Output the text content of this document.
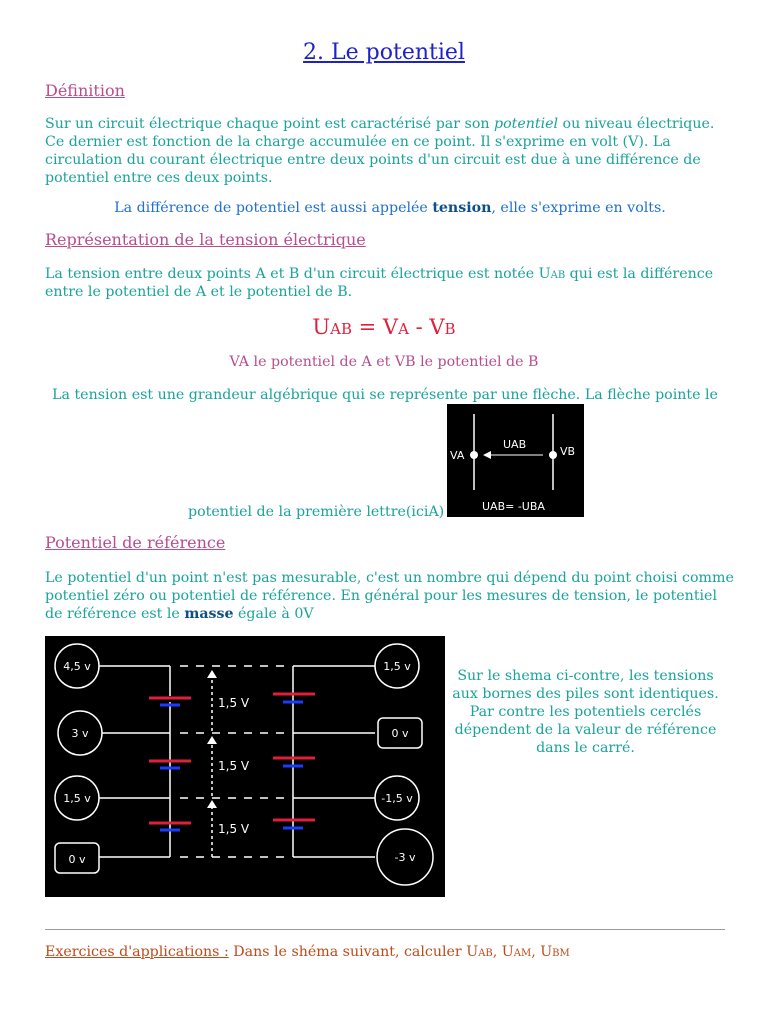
2. Le potentiel
Définition
Sur un circuit électrique chaque point est caractérisé par son potentiel ou niveau électrique. Ce dernier est fonction de la charge accumulée en ce point. Il s'exprime en volt (V). La circulation du courant électrique entre deux points d'un circuit est due à une différence de potentiel entre ces deux points.
La différence de potentiel est aussi appelée tension, elle s'exprime en volts.
Représentation de la tension électrique
La tension entre deux points A et B d'un circuit électrique est notée Uab qui est la différence entre le potentiel de A et le potentiel de B.
Uab = Va - Vb
VA le potentiel de A et VB le potentiel de B
La tension est une grandeur algébrique qui se représente par une flèche. La flèche pointe le
VA	VB
UAB
UAB= -UBA
potentiel de la première lettre(iciA)
Potentiel de référence
Le potentiel d'un point n'est pas mesurable, c'est un nombre qui dépend du point choisi comme potentiel zéro ou potentiel de référence. En général pour les mesures de tension, le potentiel de référence est le masse égale à 0V
1,5 V
1,5 V
1,5 V
4,5 v
3 v
1,5 v
0 v
1,5 v
0 v
-1,5 v
-3 v
Sur le shema ci-contre, les tensions aux bornes des piles sont identiques. Par contre les potentiels cerclés dépendent de la valeur de référence dans le carré.
Exercices d'applications : Dans le shéma suivant, calculer Uab, Uam, Ubm
